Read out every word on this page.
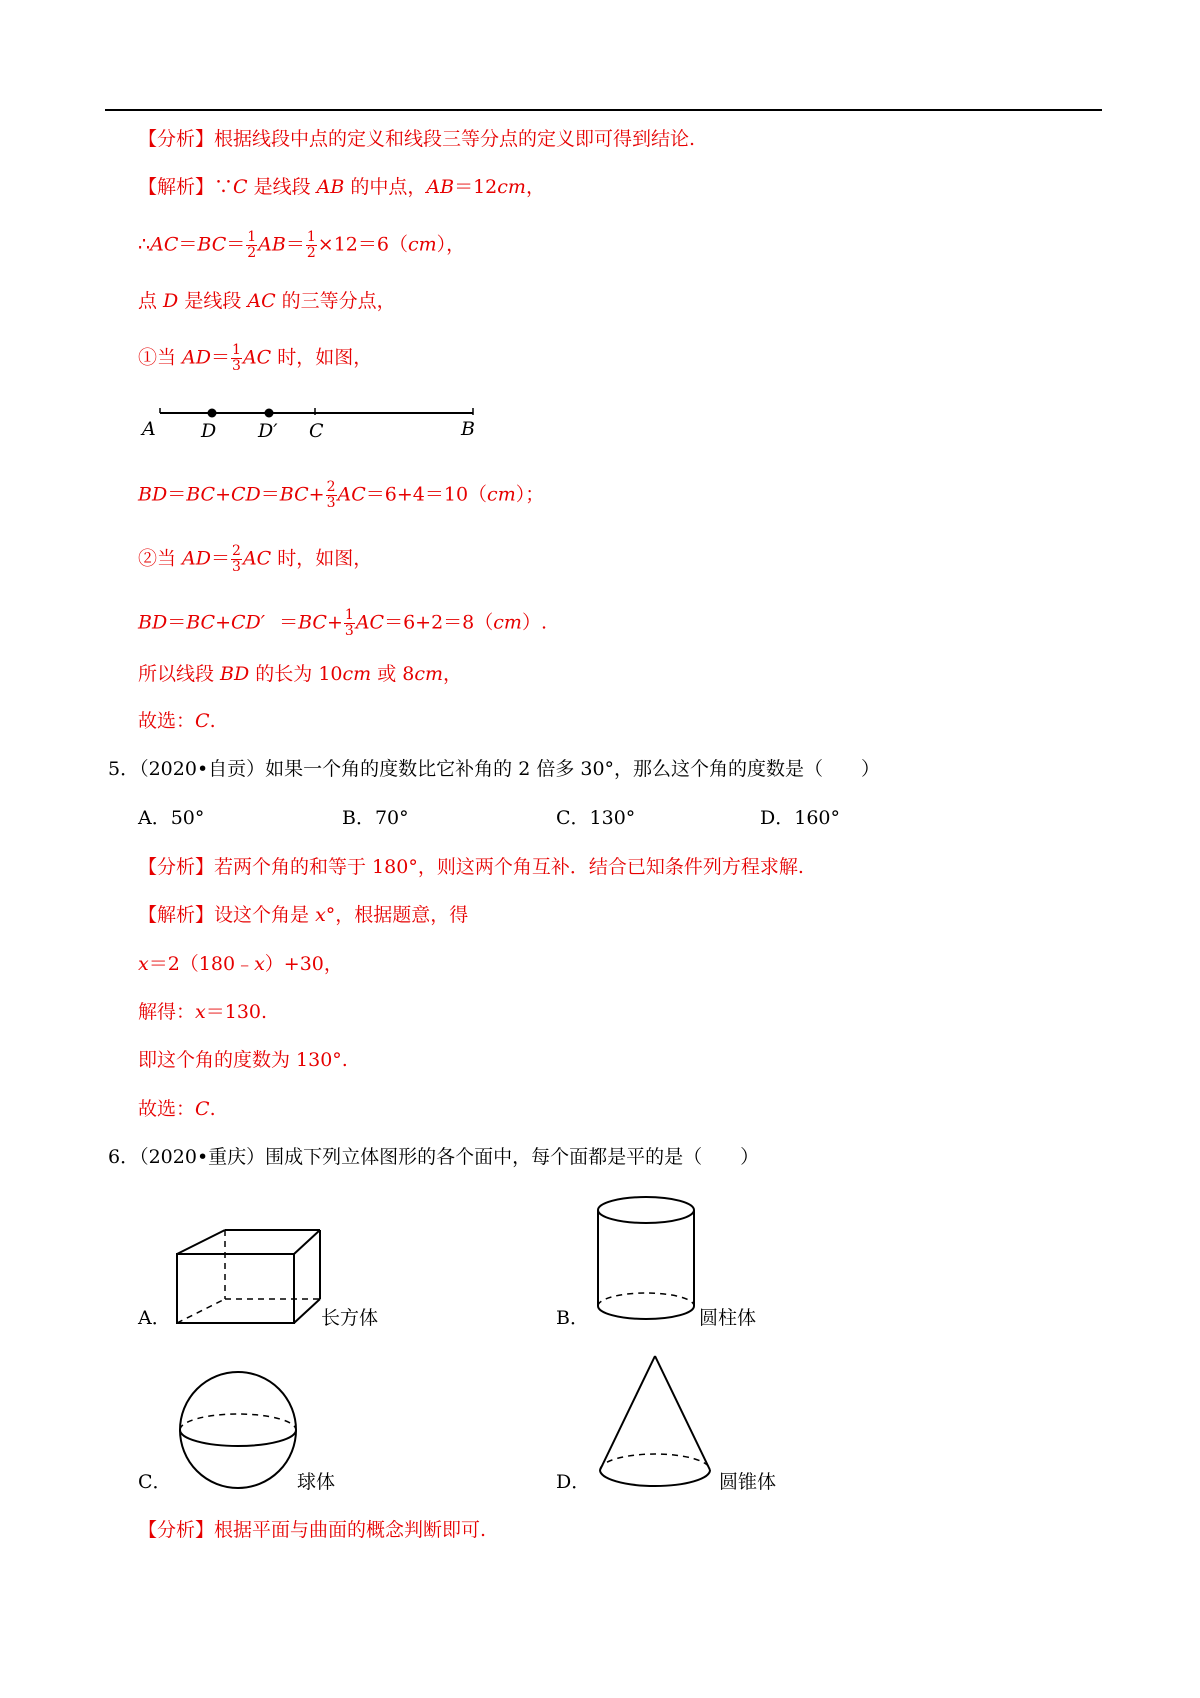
【分析】根据线段中点的定义和线段三等分点的定义即可得到结论.
【解析】∵C 是线段 AB 的中点，AB＝12cm，
∴AC＝BC＝ $\frac{1}{2} AB= \frac{1}{2} \times 12=6(cm)$，
点 D 是线段 AC 的三等分点，
①当 $AD= \frac{1}{3}$ AC 时，如图，
A D D′ C	B
$BD=BC+CD=BC+ \frac{2}{3} AC=6+4=10(cm)$；
②当 $AD= \frac{2}{3}$ AC 时，如图，
$BD=BC+CD' =BC+ \frac{1}{3} AC=6+2=8(cm)$.
所以线段 BD 的长为 10cm 或 8cm，
故选：C.
5．（2020•自贡）如果一个角的度数比它补角的 2 倍多 30°，那么这个角的度数是（　　）
A．50°	B．70°	C．130°	D．160°
【分析】若两个角的和等于 180°，则这两个角互补．结合已知条件列方程求解.
【解析】设这个角是 x°，根据题意，得
x＝2（180﹣x）+30，
解得：x＝130.
即这个角的度数为 130°.
故选：C.
6．（2020•重庆）围成下列立体图形的各个面中，每个面都是平的是（　　）
A．	长方体	B．	圆柱体
C．	球体	D．	圆锥体
【分析】根据平面与曲面的概念判断即可.
